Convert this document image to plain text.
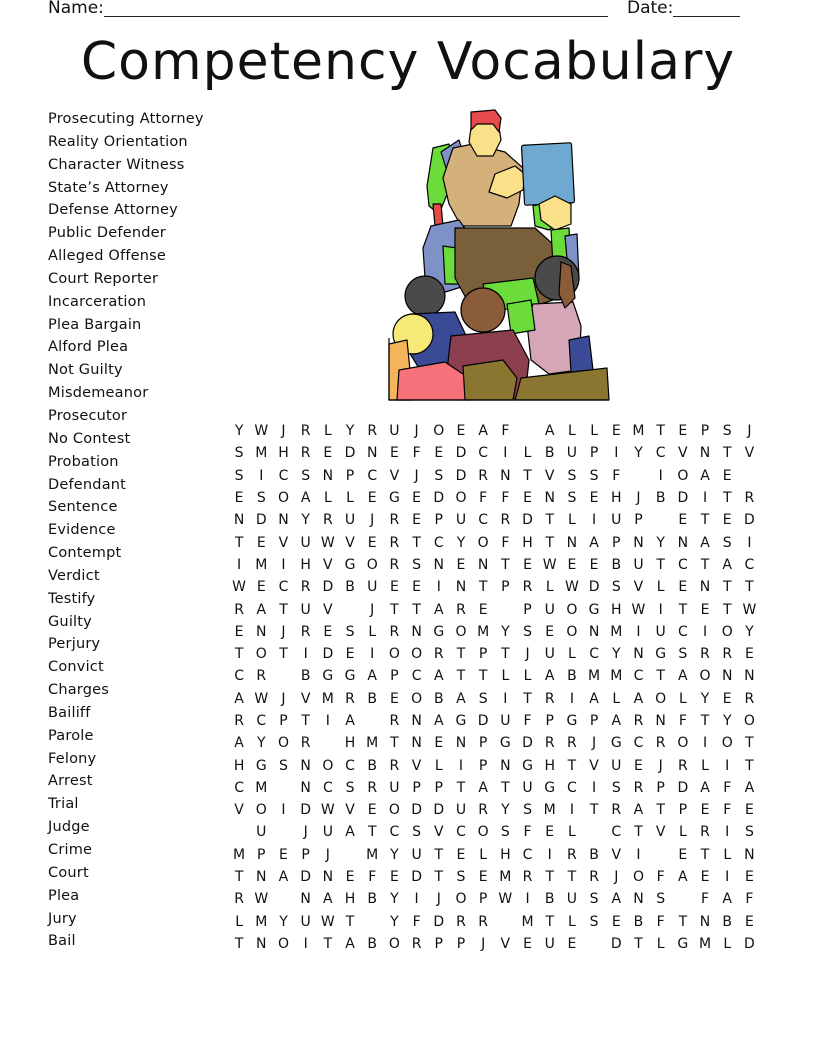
Name:	Date:
Competency Vocabulary
Prosecuting Attorney
Reality Orientation
Character Witness
State’s Attorney
Defense Attorney
Public Defender
Alleged Offense
Court Reporter
Incarceration
Plea Bargain
Alford Plea
Not Guilty
Misdemeanor
Prosecutor
No Contest
Probation
Defendant
Sentence
Evidence
Contempt
Verdict
Testify
Guilty
Perjury
Convict
Charges
Bailiff
Parole
Felony
Arrest
Trial
Judge
Crime
Court
Plea
Jury
Bail
Y W J	R L	Y R U	J	O E A F	A L	L E M T E P S	J
S M H R E D N E F E D C	I	L B U P	I	Y C V N T V
S	I	C S N P C V	J	S D R N T V S S F	I	O A E
E S O A L	L E G E D O F	F E N S E H	J	B D	I	T R
N D N Y R U	J	R E P U C R D T	L	I	U P	E T E D
T E V U W V E R T C Y O F H T N A P N Y N A S	I
I	M	I	H V G O R S N E N T E W E E B U T C T A C
W E C R D B U E E	I	N T P R L W D S V L E N T T
R A T U V	J	T T A R E	P U O G H W I	T E T W
E N	J	R E S L R N G O M Y S E O N M	I	U C	I	O Y
T O T	I	D E	I	O O R T P T	J	U L C Y N G S R R E
C R	B G G A P C A T T	L	L A B M M C T A O N N
A W J	V M R B E O B A S	I	T R	I	A L A O L	Y E R
R C P T	I	A	R N A G D U F P G P A R N F T Y O
A Y O R	H M T N E N P G D R R	J	G C R O	I	O T
H G S N O C B R V L	I	P N G H T V U E	J	R L	I	T
C M	N C S R U P P T A T U G C	I	S R P D A F A
V O	I	D W V E O D D U R Y S M	I	T R A T P E F E
U	J	U A T C S V C O S F E L	C T V L R	I	S
M P E P	J	M Y U T E L H C	I	R B V	I	E T	L N
T N A D N E F E D T S E M R T T R	J	O F A E	I	E
R W	N A H B Y	I	J	O P W I	B U S A N S	F A F
L M Y U W T	Y F D R R	M T	L S E B F T N B E
T N O	I	T A B O R P P	J	V E U E	D T	L G M L D
